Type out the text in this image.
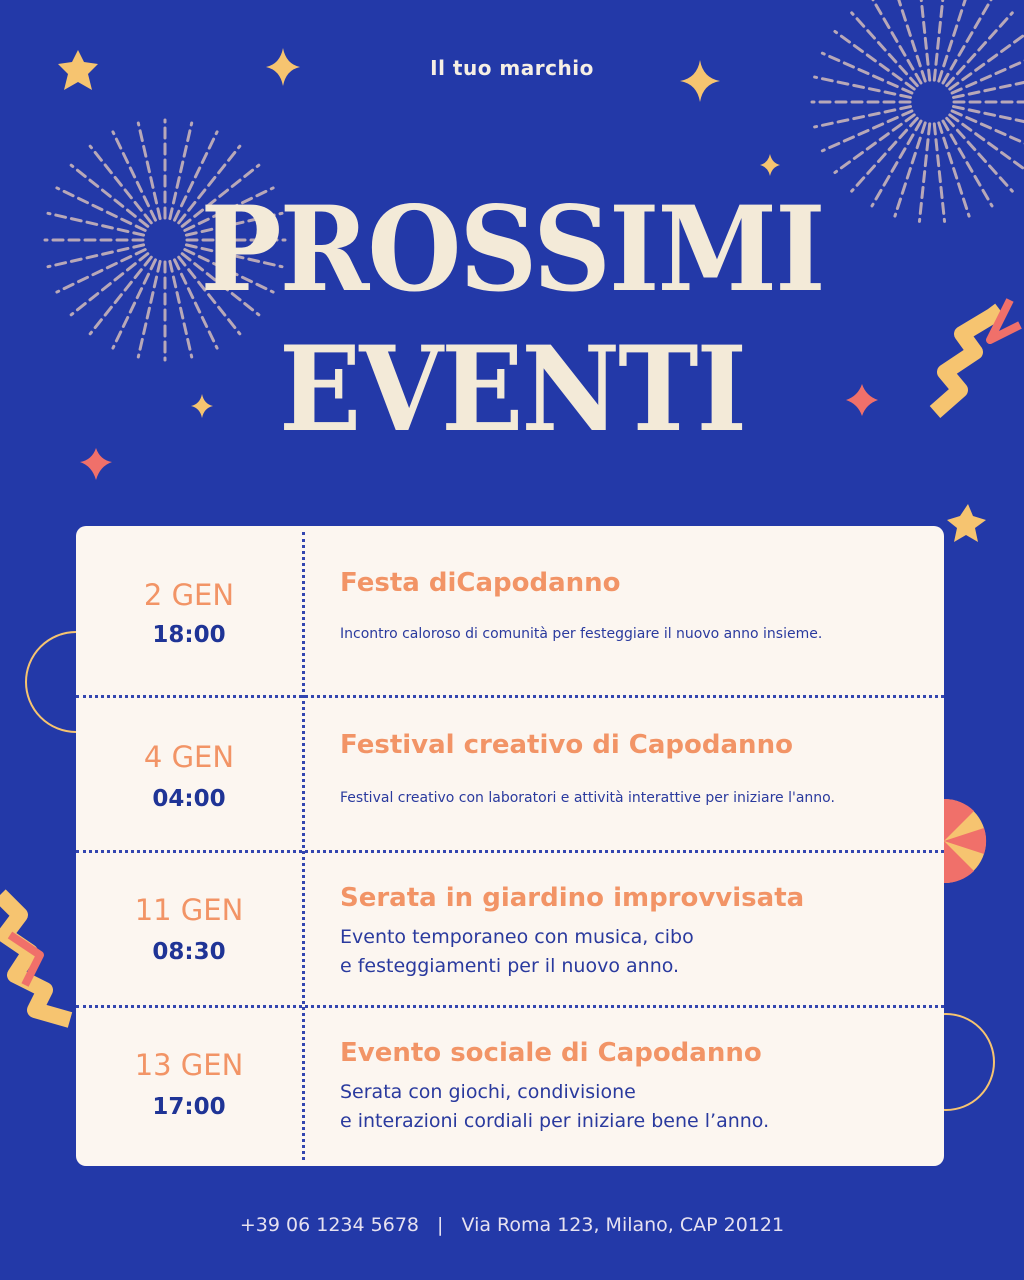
Il tuo marchio
PROSSIMI
EVENTI
2 GEN
18:00
Festa diCapodanno
Incontro caloroso di comunità per festeggiare il nuovo anno insieme.
4 GEN
04:00
Festival creativo di Capodanno
Festival creativo con laboratori e attività interattive per iniziare l'anno.
11 GEN
08:30
Serata in giardino improvvisata
Evento temporaneo con musica, cibo
e festeggiamenti per il nuovo anno.
13 GEN
17:00
Evento sociale di Capodanno
Serata con giochi, condivisione
e interazioni cordiali per iniziare bene l’anno.
+39 06 1234 5678 | Via Roma 123, Milano, CAP 20121
